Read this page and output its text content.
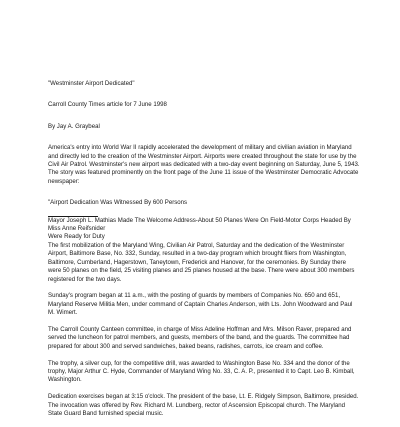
"Westminster Airport Dedicated"

Carroll County Times article for 7 June 1998

By Jay A. Graybeal

America's entry into World War II rapidly accelerated the development of military and civilian aviation in Maryland and directly led to the creation of the Westminster Airport. Airports were created throughout the state for use by the Civil Air Patrol. Westminster's new airport was dedicated with a two-day event beginning on Saturday, June 5, 1943. The story was featured prominently on the front page of the June 11 issue of the Westminster Democratic Advocate newspaper:

"Airport Dedication Was Witnessed By 600 Persons

Mayor Joseph L. Mathias Made The Welcome Address-About 50 Planes Were On Field-Motor Corps Headed By Miss Anne Reifsnider

Were Ready for Duty

The first mobilization of the Maryland Wing, Civilian Air Patrol, Saturday and the dedication of the Westminster Airport, Baltimore Base, No. 332, Sunday, resulted in a two-day program which brought fliers from Washington, Baltimore, Cumberland, Hagerstown, Taneytown, Frederick and Hanover, for the ceremonies. By Sunday there were 50 planes on the field, 25 visiting planes and 25 planes housed at the base. There were about 300 members registered for the two days.

Sunday's program began at 11 a.m., with the posting of guards by members of Companies No. 650 and 651, Maryland Reserve Militia Men, under command of Captain Charles Anderson, with Lts. John Woodward and Paul M. Wimert.

The Carroll County Canteen committee, in charge of Miss Adeline Hoffman and Mrs. Milson Raver, prepared and served the luncheon for patrol members, and guests, members of the band, and the guards. The committee had prepared for about 300 and served sandwiches, baked beans, radishes, carrots, ice cream and coffee.

The trophy, a silver cup, for the competitive drill, was awarded to Washington Base No. 334 and the donor of the trophy, Major Arthur C. Hyde, Commander of Maryland Wing No. 33, C. A. P., presented it to Capt. Leo B. Kimball, Washington.

Dedication exercises began at 3:15 o'clock. The president of the base, Lt. E. Ridgely Simpson, Baltimore, presided. The invocation was offered by Rev. Richard M. Lundberg, rector of Ascension Episcopal church. The Maryland State Guard Band furnished special music.
